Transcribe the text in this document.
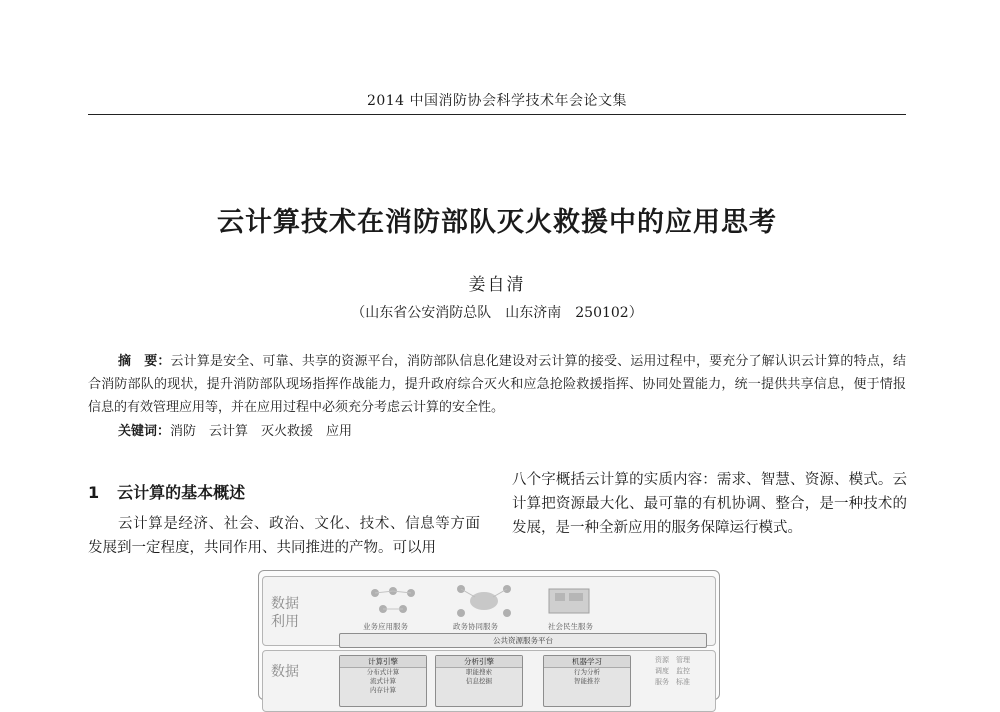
2014 中国消防协会科学技术年会论文集
云计算技术在消防部队灭火救援中的应用思考
姜自清
（山东省公安消防总队　山东济南　250102）
摘　要：云计算是安全、可靠、共享的资源平台，消防部队信息化建设对云计算的接受、运用过程中，要充分了解认识云计算的特点，结合消防部队的现状，提升消防部队现场指挥作战能力，提升政府综合灭火和应急抢险救援指挥、协同处置能力，统一提供共享信息，便于情报信息的有效管理应用等，并在应用过程中必须充分考虑云计算的安全性。
关键词：消防　云计算　灭火救援　应用
1 云计算的基本概述

云计算是经济、社会、政治、文化、技术、信息等方面发展到一定程度，共同作用、共同推进的产物。可以用

八个字概括云计算的实质内容：需求、智慧、资源、模式。云计算把资源最大化、最可靠的有机协调、整合，是一种技术的发展，是一种全新应用的服务保障运行模式。

数据利用	业务应用服务	政务协同服务	社会民生服务
公共资源服务平台
数据
计算引擎
分布式计算
流式计算
内存计算
分析引擎
职能搜索
信息挖掘
机器学习
行为分析
智能推荐
资源　管理
调度　监控
服务　标准
